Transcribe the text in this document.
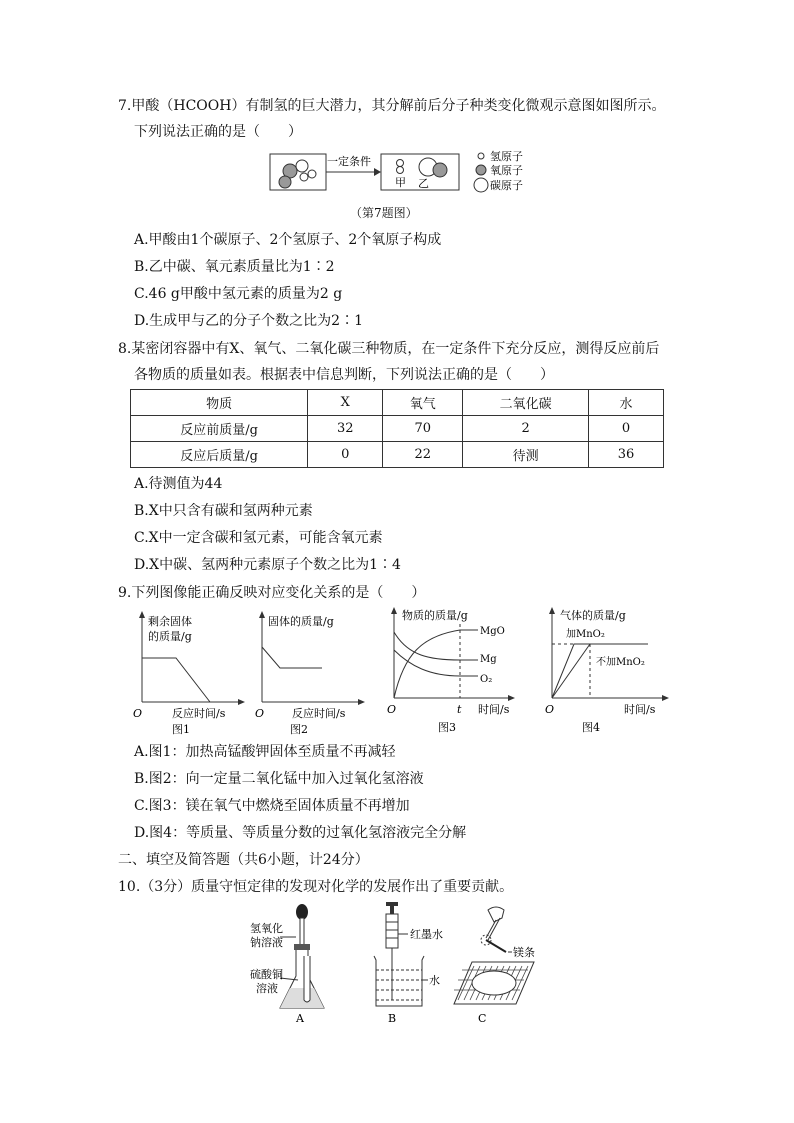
7.甲酸（HCOOH）有制氢的巨大潜力，其分解前后分子种类变化微观示意图如图所示。
下列说法正确的是（　　）
一定条件
甲 乙
氢原子
氧原子
碳原子
（第7题图）
A.甲酸由1个碳原子、2个氢原子、2个氧原子构成
B.乙中碳、氧元素质量比为1∶2
C.46 g甲酸中氢元素的质量为2 g
D.生成甲与乙的分子个数之比为2∶1
8.某密闭容器中有X、氧气、二氧化碳三种物质，在一定条件下充分反应，测得反应前后
各物质的质量如表。根据表中信息判断，下列说法正确的是（　　）
物质	X	氧气	二氧化碳	水
反应前质量/g	32	70	2	0
反应后质量/g	0	22	待测	36
A.待测值为44
B.X中只含有碳和氢两种元素
C.X中一定含碳和氢元素，可能含氧元素
D.X中碳、氢两种元素原子个数之比为1∶4
9.下列图像能正确反映对应变化关系的是（　　）
剩余固体
的质量/g
O	反应时间/s
图1
固体的质量/g
O	反应时间/s
图2
物质的质量/g
MgO
Mg
O₂
O	t 时间/s
图3
气体的质量/g
加MnO₂
不加MnO₂
O	时间/s
图4
A.图1：加热高锰酸钾固体至质量不再减轻
B.图2：向一定量二氧化锰中加入过氧化氢溶液
C.图3：镁在氧气中燃烧至固体质量不再增加
D.图4：等质量、等质量分数的过氧化氢溶液完全分解
二、填空及简答题（共6小题，计24分）
10.（3分）质量守恒定律的发现对化学的发展作出了重要贡献。
氢氧化
钠溶液
硫酸铜
溶液
A
红墨水
水
B
镁条
C
